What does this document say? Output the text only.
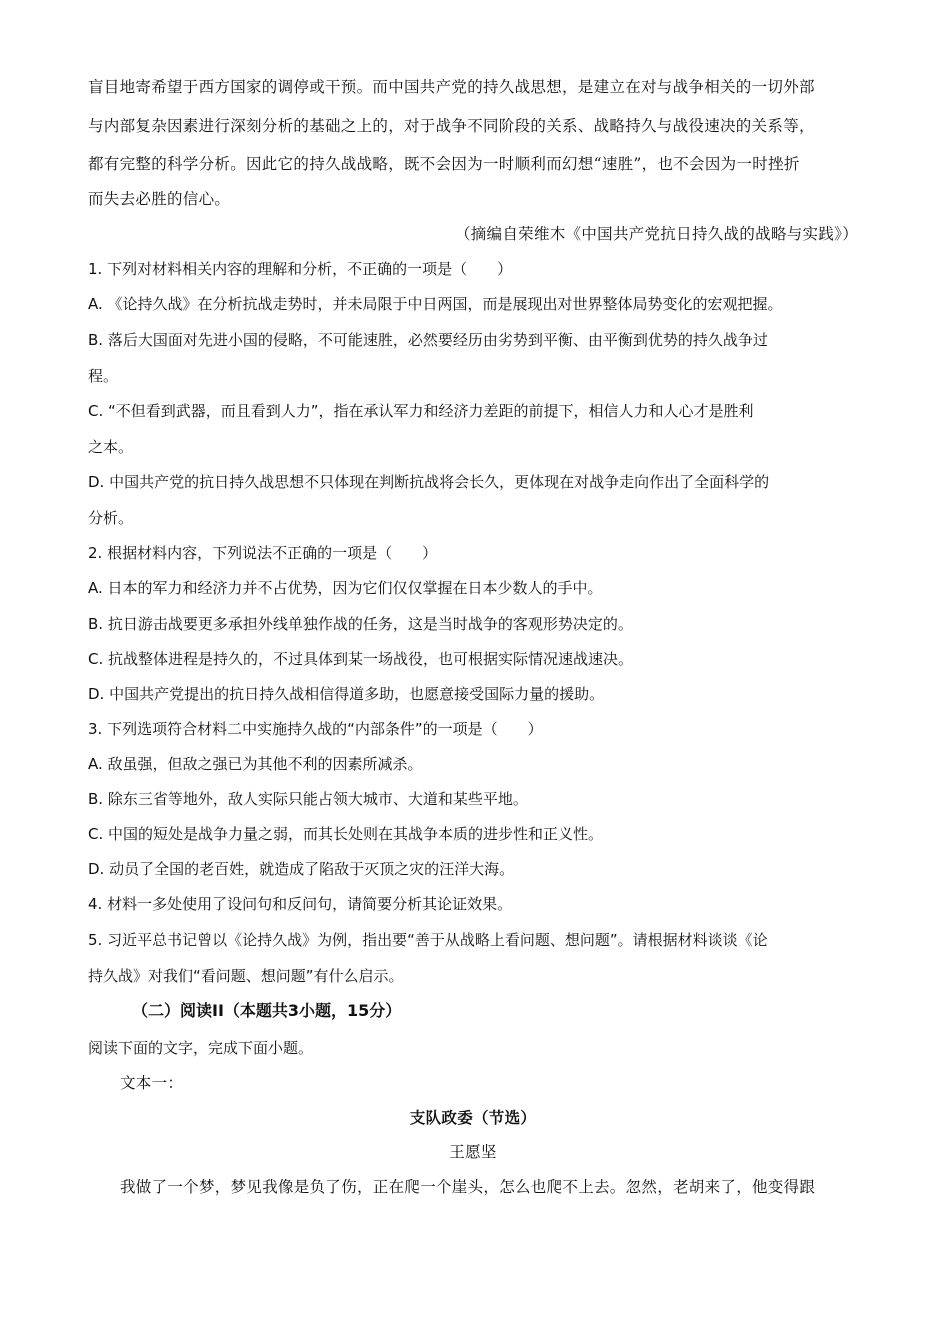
盲目地寄希望于西方国家的调停或干预。而中国共产党的持久战思想，是建立在对与战争相关的一切外部
与内部复杂因素进行深刻分析的基础之上的，对于战争不同阶段的关系、战略持久与战役速决的关系等，
都有完整的科学分析。因此它的持久战战略，既不会因为一时顺利而幻想“速胜”，也不会因为一时挫折
而失去必胜的信心。
（摘编自荣维木《中国共产党抗日持久战的战略与实践》）
1. 下列对材料相关内容的理解和分析，不正确的一项是（　　）
A. 《论持久战》在分析抗战走势时，并未局限于中日两国，而是展现出对世界整体局势变化的宏观把握。
B. 落后大国面对先进小国的侵略，不可能速胜，必然要经历由劣势到平衡、由平衡到优势的持久战争过
程。
C. “不但看到武器，而且看到人力”，指在承认军力和经济力差距的前提下，相信人力和人心才是胜利
之本。
D. 中国共产党的抗日持久战思想不只体现在判断抗战将会长久，更体现在对战争走向作出了全面科学的
分析。
2. 根据材料内容，下列说法不正确的一项是（　　）
A. 日本的军力和经济力并不占优势，因为它们仅仅掌握在日本少数人的手中。
B. 抗日游击战要更多承担外线单独作战的任务，这是当时战争的客观形势决定的。
C. 抗战整体进程是持久的，不过具体到某一场战役，也可根据实际情况速战速决。
D. 中国共产党提出的抗日持久战相信得道多助，也愿意接受国际力量的援助。
3. 下列选项符合材料二中实施持久战的“内部条件”的一项是（　　）
A. 敌虽强，但敌之强已为其他不利的因素所减杀。
B. 除东三省等地外，敌人实际只能占领大城市、大道和某些平地。
C. 中国的短处是战争力量之弱，而其长处则在其战争本质的进步性和正义性。
D. 动员了全国的老百姓，就造成了陷敌于灭顶之灾的汪洋大海。
4. 材料一多处使用了设问句和反问句，请简要分析其论证效果。
5. 习近平总书记曾以《论持久战》为例，指出要“善于从战略上看问题、想问题”。请根据材料谈谈《论
持久战》对我们“看问题、想问题”有什么启示。
（二）阅读II（本题共3小题，15分）
阅读下面的文字，完成下面小题。
文本一：
支队政委（节选）
王愿坚
我做了一个梦，梦见我像是负了伤，正在爬一个崖头，怎么也爬不上去。忽然，老胡来了，他变得跟
